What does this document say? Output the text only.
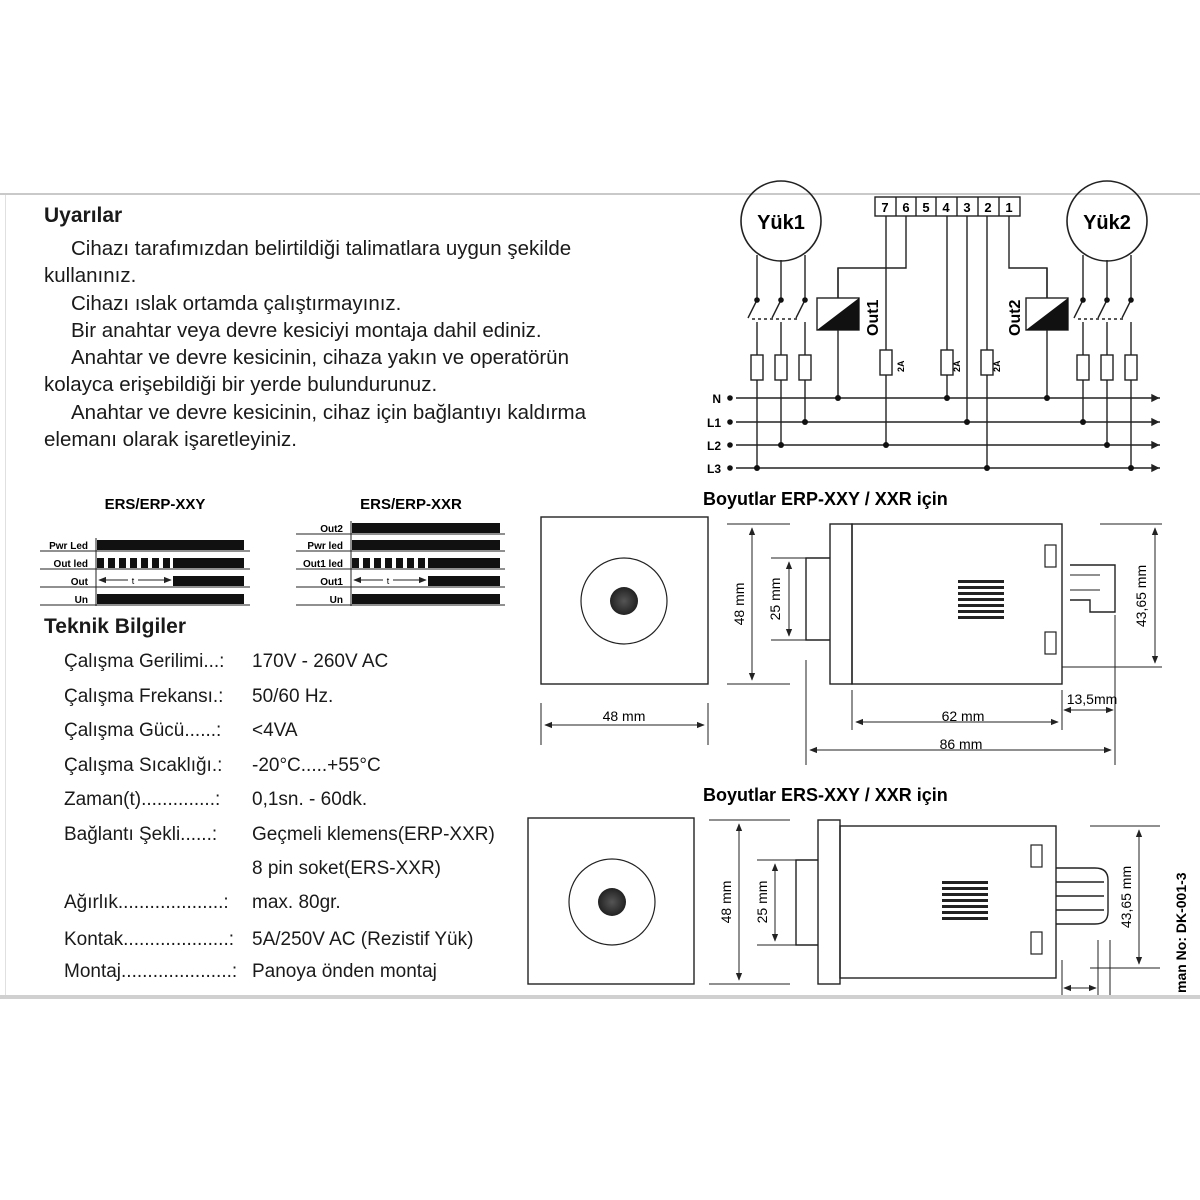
Uyarılar
Cihazı tarafımızdan belirtildiği talimatlara uygun şekilde
kullanınız.
Cihazı ıslak ortamda çalıştırmayınız.
Bir anahtar veya devre kesiciyi montaja dahil ediniz.
Anahtar ve devre kesicinin, cihaza yakın ve operatörün
kolayca erişebildiği bir yerde bulundurunuz.
Anahtar ve devre kesicinin, cihaz için bağlantıyı kaldırma
elemanı olarak işaretleyiniz.
Teknik Bilgiler
Çalışma Gerilimi...: 170V - 260V AC
Çalışma Frekansı.: 50/60 Hz.
Çalışma Gücü......: <4VA
Çalışma Sıcaklığı.: -20°C.....+55°C
Zaman(t)..............: 0,1sn. - 60dk.
Bağlantı Şekli......: Geçmeli klemens(ERP-XXR)
8 pin soket(ERS-XXR)
Ağırlık....................: max. 80gr.
Kontak....................: 5A/250V AC (Rezistif Yük)
Montaj.....................: Panoya önden montaj
ERS/ERP-XXY
Pwr Led
Out led
Out
Un
t
ERS/ERP-XXR
Out2
Pwr led
Out1 led
Out1
Un
t
Yük1	Yük2
7 6 5 4 3 2 1
Out1	Out2
2A	2A	2A
N
L1
L2
L3
Boyutlar ERP-XXY / XXR için
48 mm
48 mm 25 mm	43,65 mm
62 mm
86 mm
13,5mm
Boyutlar ERS-XXY / XXR için
48 mm 25 mm	43,65 mm	man No: DK-001-3
